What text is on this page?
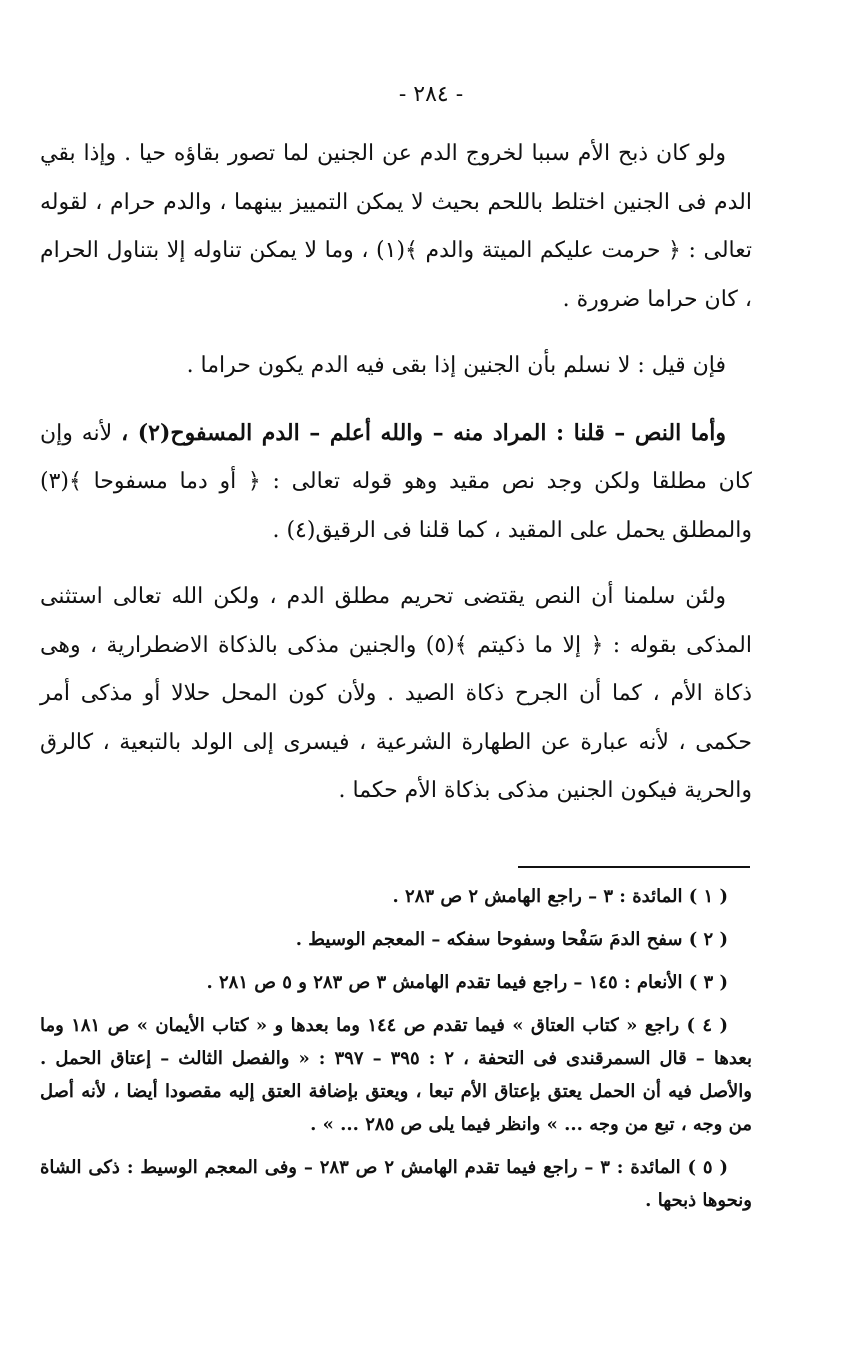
- ٢٨٤ -

ولو كان ذبح الأم سببا لخروج الدم عن الجنين لما تصور بقاؤه حيا . وإذا بقي الدم فى الجنين اختلط باللحم بحيث لا يمكن التمييز بينهما ، والدم حرام ، لقوله تعالى : ﴿ حرمت عليكم الميتة والدم ﴾(١) ، وما لا يمكن تناوله إلا بتناول الحرام ، كان حراما ضرورة .

فإن قيل : لا نسلم بأن الجنين إذا بقى فيه الدم يكون حراما .

وأما النص – قلنا : المراد منه – والله أعلم – الدم المسفوح(٢) ، لأنه وإن كان مطلقا ولكن وجد نص مقيد وهو قوله تعالى : ﴿ أو دما مسفوحا ﴾(٣) والمطلق يحمل على المقيد ، كما قلنا فى الرقيق(٤) .

ولئن سلمنا أن النص يقتضى تحريم مطلق الدم ، ولكن الله تعالى استثنى المذكى بقوله : ﴿ إلا ما ذكيتم ﴾(٥) والجنين مذكى بالذكاة الاضطرارية ، وهى ذكاة الأم ، كما أن الجرح ذكاة الصيد . ولأن كون المحل حلالا أو مذكى أمر حكمى ، لأنه عبارة عن الطهارة الشرعية ، فيسرى إلى الولد بالتبعية ، كالرق والحرية فيكون الجنين مذكى بذكاة الأم حكما .

( ١ ) المائدة : ٣ – راجع الهامش ٢ ص ٢٨٣ .

( ٢ ) سفح الدمَ سَفْحا وسفوحا سفكه – المعجم الوسيط .

( ٣ ) الأنعام : ١٤٥ – راجع فيما تقدم الهامش ٣ ص ٢٨٣ و ٥ ص ٢٨١ .

( ٤ ) راجع « كتاب العتاق » فيما تقدم ص ١٤٤ وما بعدها و « كتاب الأيمان » ص ١٨١ وما بعدها – قال السمرقندى فى التحفة ، ٢ : ٣٩٥ – ٣٩٧ : « والفصل الثالث – إعتاق الحمل . والأصل فيه أن الحمل يعتق بإعتاق الأم تبعا ، ويعتق بإضافة العتق إليه مقصودا أيضا ، لأنه أصل من وجه ، تبع من وجه ... » وانظر فيما يلى ص ٢٨٥ ... » .

( ٥ ) المائدة : ٣ – راجع فيما تقدم الهامش ٢ ص ٢٨٣ – وفى المعجم الوسيط : ذكى الشاة ونحوها ذبحها .
